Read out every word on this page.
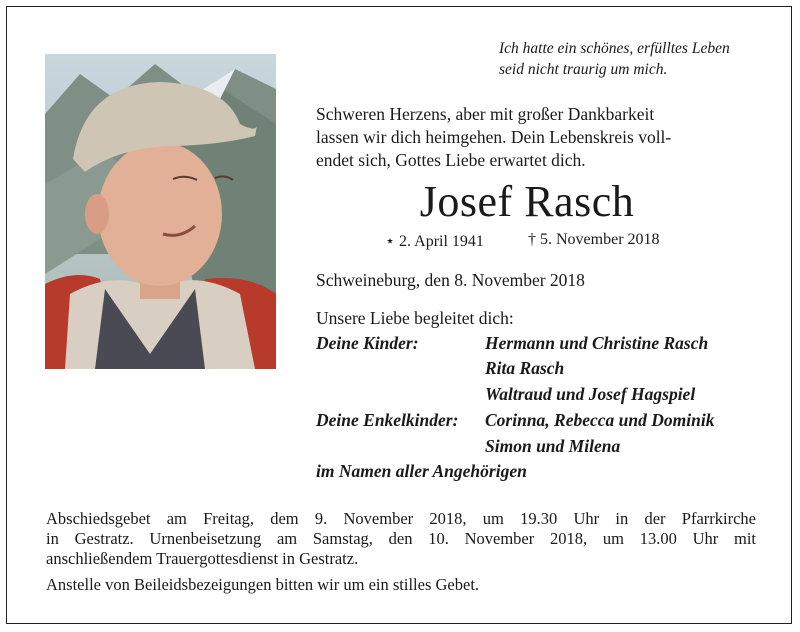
Ich hatte ein schönes, erfülltes Leben
seid nicht traurig um mich.
Schweren Herzens, aber mit großer Dankbarkeit
lassen wir dich heimgehen. Dein Lebenskreis voll-
endet sich, Gottes Liebe erwartet dich.
Josef Rasch
⋆ 2. April 1941	† 5. November 2018
Schweineburg, den 8. November 2018
Unsere Liebe begleitet dich:
Deine Kinder:	Hermann und Christine Rasch
Rita Rasch
Waltraud und Josef Hagspiel
Deine Enkelkinder: Corinna, Rebecca und Dominik
Simon und Milena
im Namen aller Angehörigen
Abschiedsgebet am Freitag, dem 9. November 2018, um 19.30 Uhr in der Pfarrkirche
in Gestratz. Urnenbeisetzung am Samstag, den 10. November 2018, um 13.00 Uhr mit
anschließendem Trauergottesdienst in Gestratz.
Anstelle von Beileidsbezeigungen bitten wir um ein stilles Gebet.
